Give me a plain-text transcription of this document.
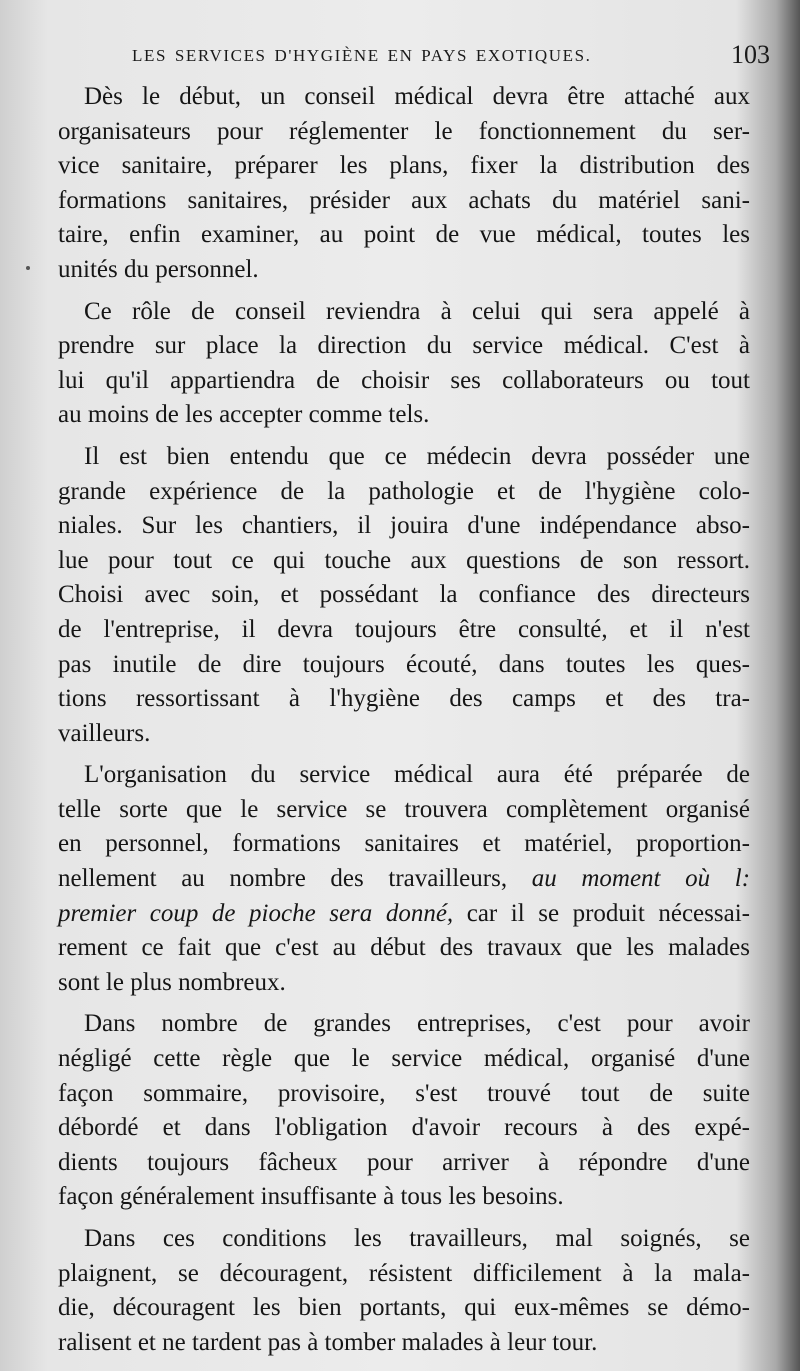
LES SERVICES D'HYGIÈNE EN PAYS EXOTIQUES.	103
Dès le début, un conseil médical devra être attaché aux
organisateurs pour réglementer le fonctionnement du ser-
vice sanitaire, préparer les plans, fixer la distribution des
formations sanitaires, présider aux achats du matériel sani-
taire, enfin examiner, au point de vue médical, toutes les
unités du personnel.
Ce rôle de conseil reviendra à celui qui sera appelé à
prendre sur place la direction du service médical. C'est à
lui qu'il appartiendra de choisir ses collaborateurs ou tout
au moins de les accepter comme tels.
Il est bien entendu que ce médecin devra posséder une
grande expérience de la pathologie et de l'hygiène colo-
niales. Sur les chantiers, il jouira d'une indépendance abso-
lue pour tout ce qui touche aux questions de son ressort.
Choisi avec soin, et possédant la confiance des directeurs
de l'entreprise, il devra toujours être consulté, et il n'est
pas inutile de dire toujours écouté, dans toutes les ques-
tions ressortissant à l'hygiène des camps et des tra-
vailleurs.
L'organisation du service médical aura été préparée de
telle sorte que le service se trouvera complètement organisé
en personnel, formations sanitaires et matériel, proportion-
nellement au nombre des travailleurs, au moment où l:
premier coup de pioche sera donné, car il se produit nécessai-
rement ce fait que c'est au début des travaux que les malades
sont le plus nombreux.
Dans nombre de grandes entreprises, c'est pour avoir
négligé cette règle que le service médical, organisé d'une
façon sommaire, provisoire, s'est trouvé tout de suite
débordé et dans l'obligation d'avoir recours à des expé-
dients toujours fâcheux pour arriver à répondre d'une
façon généralement insuffisante à tous les besoins.
Dans ces conditions les travailleurs, mal soignés, se
plaignent, se découragent, résistent difficilement à la mala-
die, découragent les bien portants, qui eux-mêmes se démo-
ralisent et ne tardent pas à tomber malades à leur tour.
